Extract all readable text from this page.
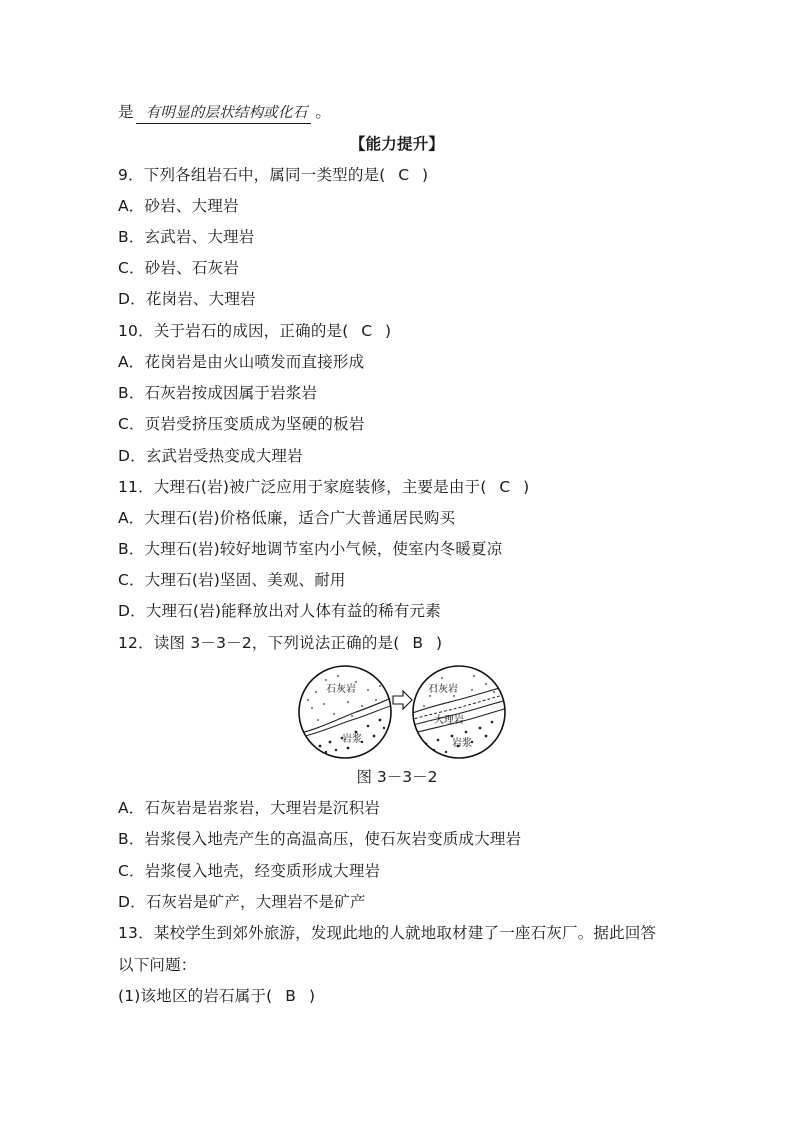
是 有明显的层状结构或化石 。
【能力提升】
9．下列各组岩石中，属同一类型的是( C )
A．砂岩、大理岩
B．玄武岩、大理岩
C．砂岩、石灰岩
D．花岗岩、大理岩
10．关于岩石的成因，正确的是( C )
A．花岗岩是由火山喷发而直接形成
B．石灰岩按成因属于岩浆岩
C．页岩受挤压变质成为坚硬的板岩
D．玄武岩受热变成大理岩
11．大理石(岩)被广泛应用于家庭装修，主要是由于( C )
A．大理石(岩)价格低廉，适合广大普通居民购买
B．大理石(岩)较好地调节室内小气候，使室内冬暖夏凉
C．大理石(岩)坚固、美观、耐用
D．大理石(岩)能释放出对人体有益的稀有元素
12．读图 3－3－2，下列说法正确的是( B )
石灰岩
岩浆
石灰岩
大理岩
岩浆
图 3－3－2
A．石灰岩是岩浆岩，大理岩是沉积岩
B．岩浆侵入地壳产生的高温高压，使石灰岩变质成大理岩
C．岩浆侵入地壳，经变质形成大理岩
D．石灰岩是矿产，大理岩不是矿产
13．某校学生到郊外旅游，发现此地的人就地取材建了一座石灰厂。据此回答
以下问题：
(1)该地区的岩石属于( B )
